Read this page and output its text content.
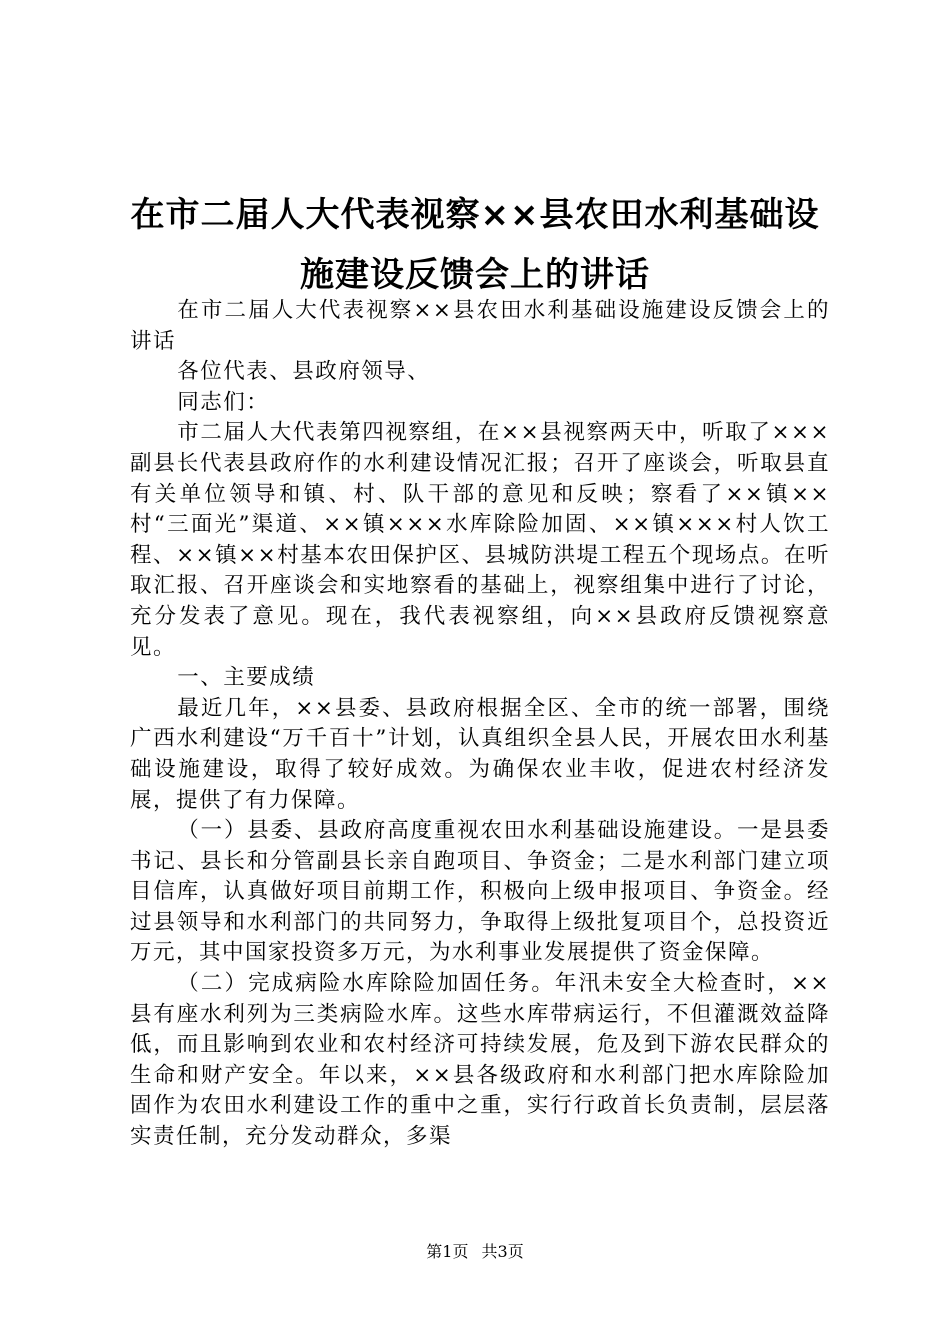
在市二届人大代表视察××县农田水利基础设
施建设反馈会上的讲话

在市二届人大代表视察××县农田水利基础设施建设反馈会上的讲话

各位代表、县政府领导、

同志们：

市二届人大代表第四视察组，在××县视察两天中，听取了×××副县长代表县政府作的水利建设情况汇报；召开了座谈会，听取县直有关单位领导和镇、村、队干部的意见和反映；察看了××镇××村“三面光”渠道、××镇×××水库除险加固、××镇×××村人饮工程、××镇××村基本农田保护区、县城防洪堤工程五个现场点。在听取汇报、召开座谈会和实地察看的基础上，视察组集中进行了讨论，充分发表了意见。现在，我代表视察组，向××县政府反馈视察意见。

一、主要成绩

最近几年，××县委、县政府根据全区、全市的统一部署，围绕广西水利建设“万千百十”计划，认真组织全县人民，开展农田水利基础设施建设，取得了较好成效。为确保农业丰收，促进农村经济发展，提供了有力保障。

（一）县委、县政府高度重视农田水利基础设施建设。一是县委书记、县长和分管副县长亲自跑项目、争资金；二是水利部门建立项目信库，认真做好项目前期工作，积极向上级申报项目、争资金。经过县领导和水利部门的共同努力，争取得上级批复项目个，总投资近万元，其中国家投资多万元，为水利事业发展提供了资金保障。

（二）完成病险水库除险加固任务。年汛未安全大检查时，××县有座水利列为三类病险水库。这些水库带病运行，不但灌溉效益降低，而且影响到农业和农村经济可持续发展，危及到下游农民群众的生命和财产安全。年以来，××县各级政府和水利部门把水库除险加固作为农田水利建设工作的重中之重，实行行政首长负责制，层层落实责任制，充分发动群众，多渠

第1页 共3页
